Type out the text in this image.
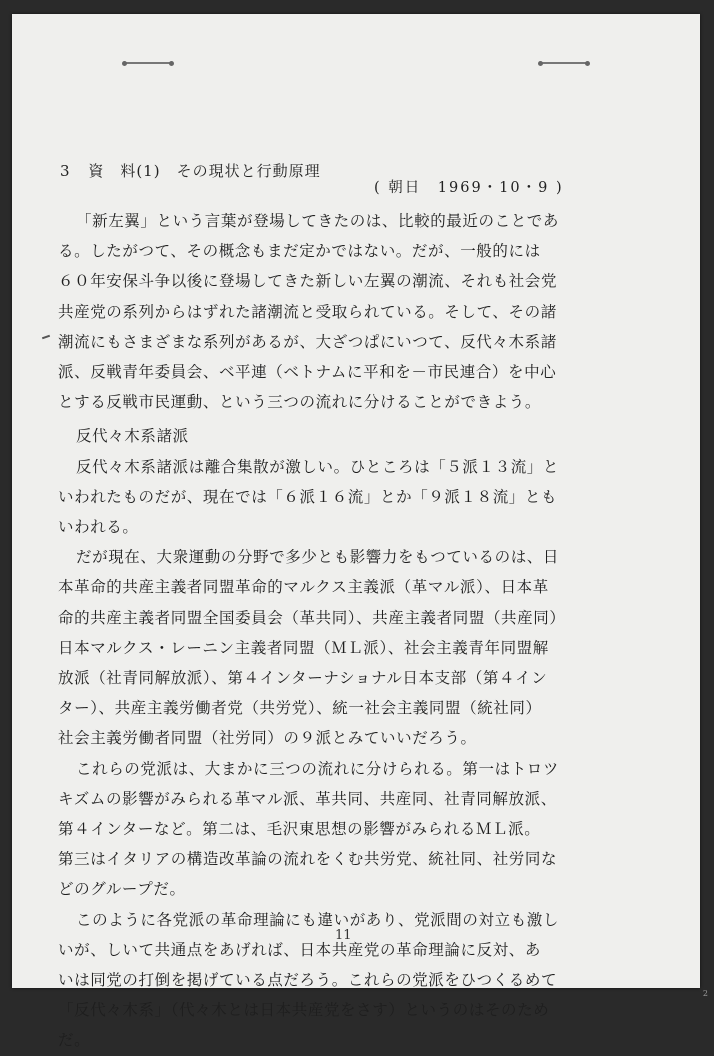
3 資　料(1)　その現状と行動原理
( 朝日　1969・10・9 )
「新左翼」という言葉が登場してきたのは、比較的最近のことであ
る。したがつて、その概念もまだ定かではない。だが、一般的には
６０年安保斗争以後に登場してきた新しい左翼の潮流、それも社会党
共産党の系列からはずれた諸潮流と受取られている。そして、その諸
潮流にもさまざまな系列があるが、大ざつぱにいつて、反代々木系諸
派、反戦青年委員会、ベ平連（ベトナムに平和を－市民連合）を中心
とする反戦市民運動、という三つの流れに分けることができよう。
反代々木系諸派
反代々木系諸派は離合集散が激しい。ひところは「５派１３流」と
いわれたものだが、現在では「６派１６流」とか「９派１８流」とも
いわれる。
だが現在、大衆運動の分野で多少とも影響力をもつているのは、日
本革命的共産主義者同盟革命的マルクス主義派（革マル派）、日本革
命的共産主義者同盟全国委員会（革共同）、共産主義者同盟（共産同）
日本マルクス・レーニン主義者同盟（ＭＬ派）、社会主義青年同盟解
放派（社青同解放派）、第４インターナショナル日本支部（第４イン
ター）、共産主義労働者党（共労党）、統一社会主義同盟（統社同）
社会主義労働者同盟（社労同）の９派とみていいだろう。
これらの党派は、大まかに三つの流れに分けられる。第一はトロツ
キズムの影響がみられる革マル派、革共同、共産同、社青同解放派、
第４インターなど。第二は、毛沢東思想の影響がみられるＭＬ派。
第三はイタリアの構造改革論の流れをくむ共労党、統社同、社労同な
どのグループだ。
このように各党派の革命理論にも違いがあり、党派間の対立も激し
いが、しいて共通点をあげれば、日本共産党の革命理論に反対、あ
いは同党の打倒を掲げている点だろう。これらの党派をひつくるめて
「反代々木系」（代々木とは日本共産党をさす）というのはそのため
だ。
11
2
